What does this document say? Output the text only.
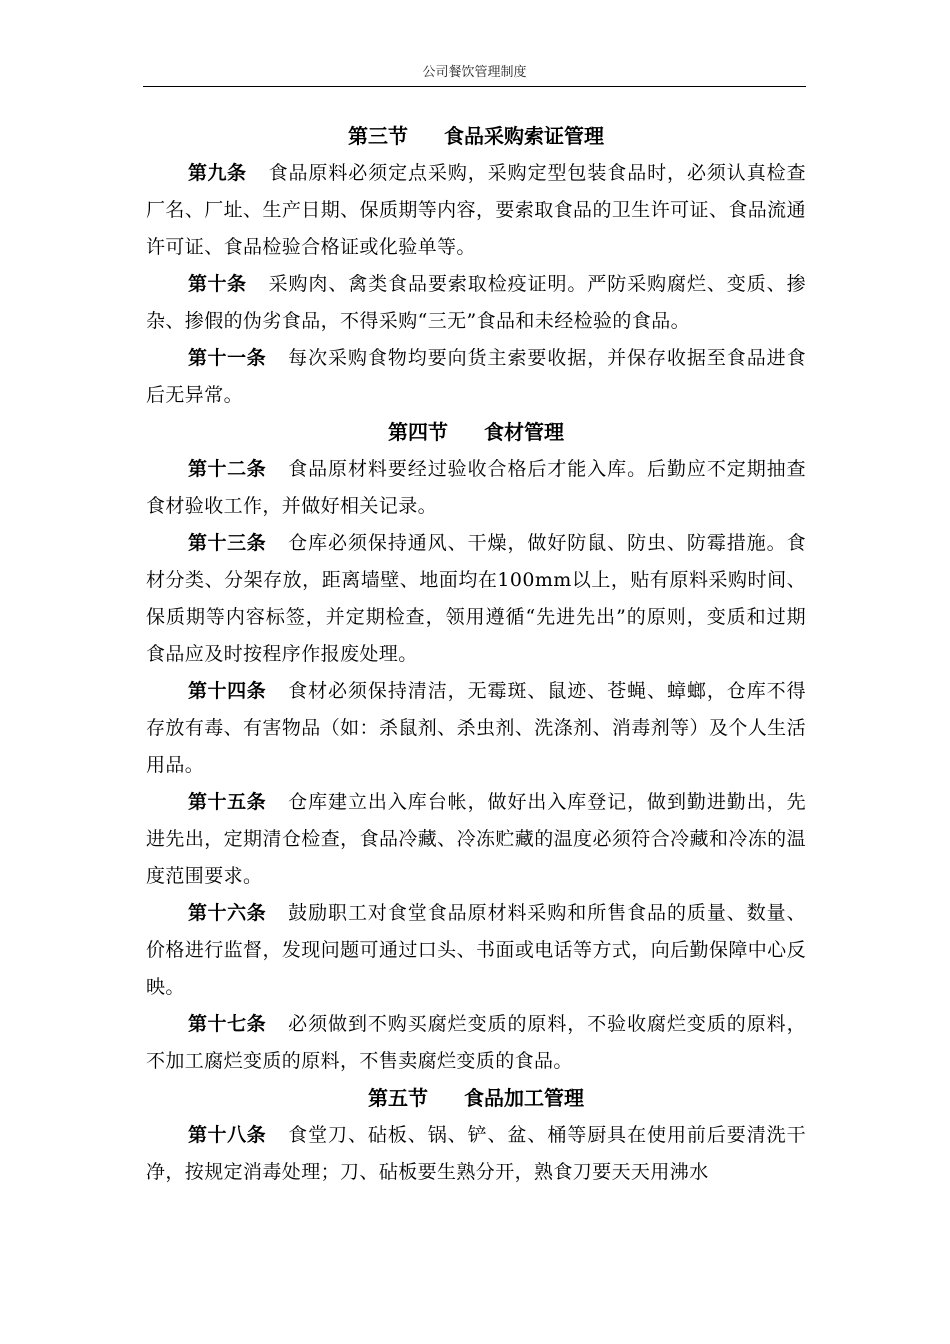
公司餐饮管理制度
第三节 食品采购索证管理

第九条 食品原料必须定点采购，采购定型包装食品时，必须认真检查厂名、厂址、生产日期、保质期等内容，要索取食品的卫生许可证、食品流通许可证、食品检验合格证或化验单等。

第十条 采购肉、禽类食品要索取检疫证明。严防采购腐烂、变质、掺杂、掺假的伪劣食品，不得采购“三无”食品和未经检验的食品。

第十一条 每次采购食物均要向货主索要收据，并保存收据至食品进食后无异常。

第四节 食材管理

第十二条 食品原材料要经过验收合格后才能入库。后勤应不定期抽查食材验收工作，并做好相关记录。

第十三条 仓库必须保持通风、干燥，做好防鼠、防虫、防霉措施。食材分类、分架存放，距离墙壁、地面均在100mm以上，贴有原料采购时间、保质期等内容标签，并定期检查，领用遵循“先进先出”的原则，变质和过期食品应及时按程序作报废处理。

第十四条 食材必须保持清洁，无霉斑、鼠迹、苍蝇、蟑螂，仓库不得存放有毒、有害物品（如：杀鼠剂、杀虫剂、洗涤剂、消毒剂等）及个人生活用品。

第十五条 仓库建立出入库台帐，做好出入库登记，做到勤进勤出，先进先出，定期清仓检查，食品冷藏、冷冻贮藏的温度必须符合冷藏和冷冻的温度范围要求。

第十六条 鼓励职工对食堂食品原材料采购和所售食品的质量、数量、价格进行监督，发现问题可通过口头、书面或电话等方式，向后勤保障中心反映。

第十七条 必须做到不购买腐烂变质的原料，不验收腐烂变质的原料，不加工腐烂变质的原料，不售卖腐烂变质的食品。

第五节 食品加工管理

第十八条 食堂刀、砧板、锅、铲、盆、桶等厨具在使用前后要清洗干净，按规定消毒处理；刀、砧板要生熟分开，熟食刀要天天用沸水
